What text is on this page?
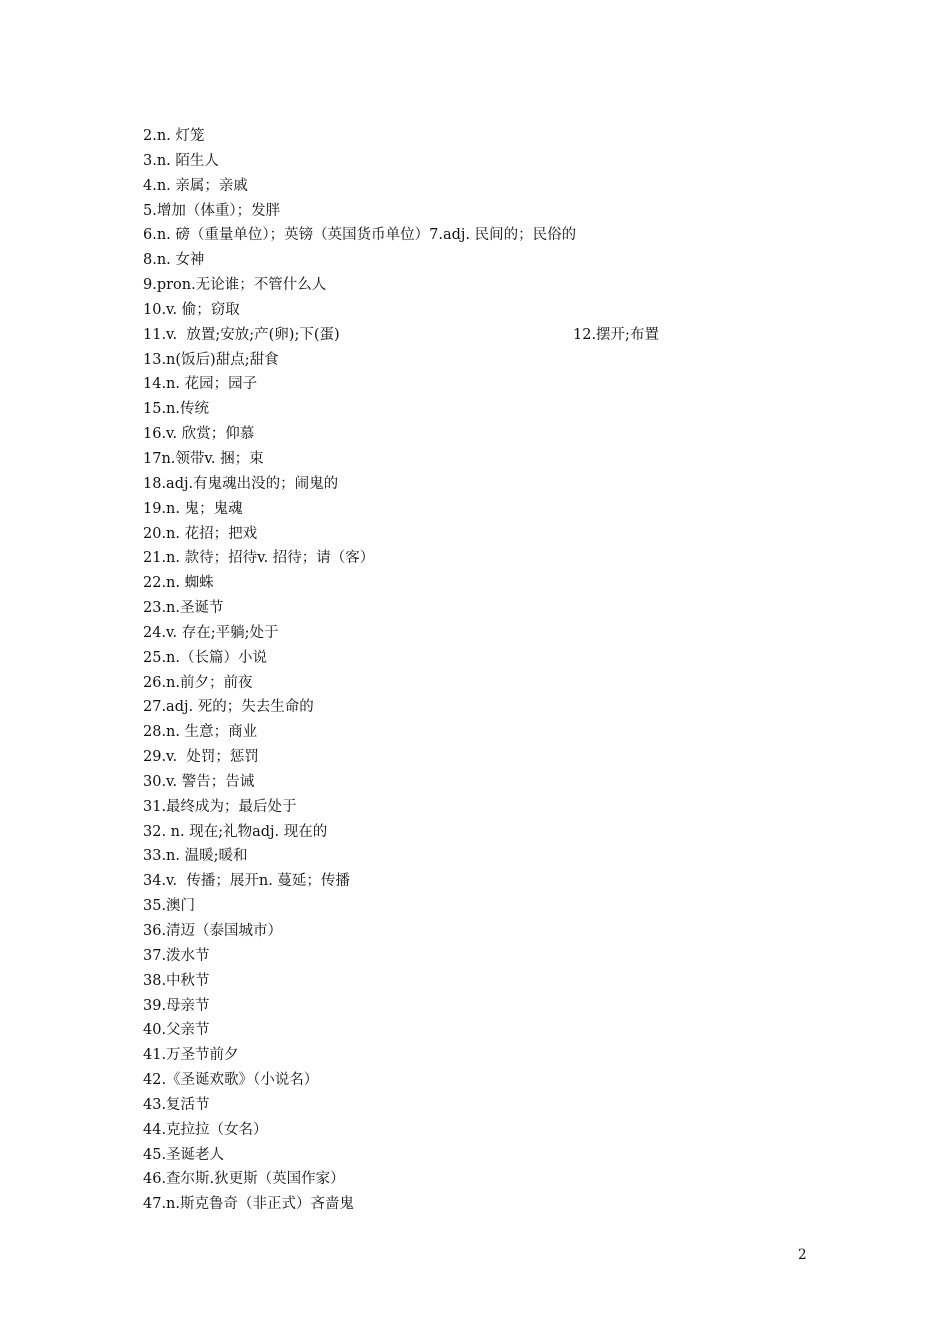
2.n. 灯笼
3.n. 陌生人
4.n. 亲属；亲戚
5.增加（体重）；发胖
6.n. 磅（重量单位）；英镑（英国货币单位）7.adj. 民间的；民俗的
8.n. 女神
9.pron.无论谁；不管什么人
10.v. 偷；窃取
11.v.  放置;安放;产(卵);下(蛋)	12.摆开;布置
13.n(饭后)甜点;甜食
14.n. 花园；园子
15.n.传统
16.v. 欣赏；仰慕
17n.领带v. 捆；束
18.adj.有鬼魂出没的；闹鬼的
19.n. 鬼；鬼魂
20.n. 花招；把戏
21.n. 款待；招待v. 招待；请（客）
22.n. 蜘蛛
23.n.圣诞节
24.v. 存在;平躺;处于
25.n.（长篇）小说
26.n.前夕；前夜
27.adj. 死的；失去生命的
28.n. 生意；商业
29.v.  处罚；惩罚
30.v. 警告；告诫
31.最终成为；最后处于
32. n. 现在;礼物adj. 现在的
33.n. 温暖;暖和
34.v.  传播；展开n. 蔓延；传播
35.澳门
36.清迈（泰国城市）
37.泼水节
38.中秋节
39.母亲节
40.父亲节
41.万圣节前夕
42.《圣诞欢歌》（小说名）
43.复活节
44.克拉拉（女名）
45.圣诞老人
46.查尔斯.狄更斯（英国作家）
47.n.斯克鲁奇（非正式）吝啬鬼
2
